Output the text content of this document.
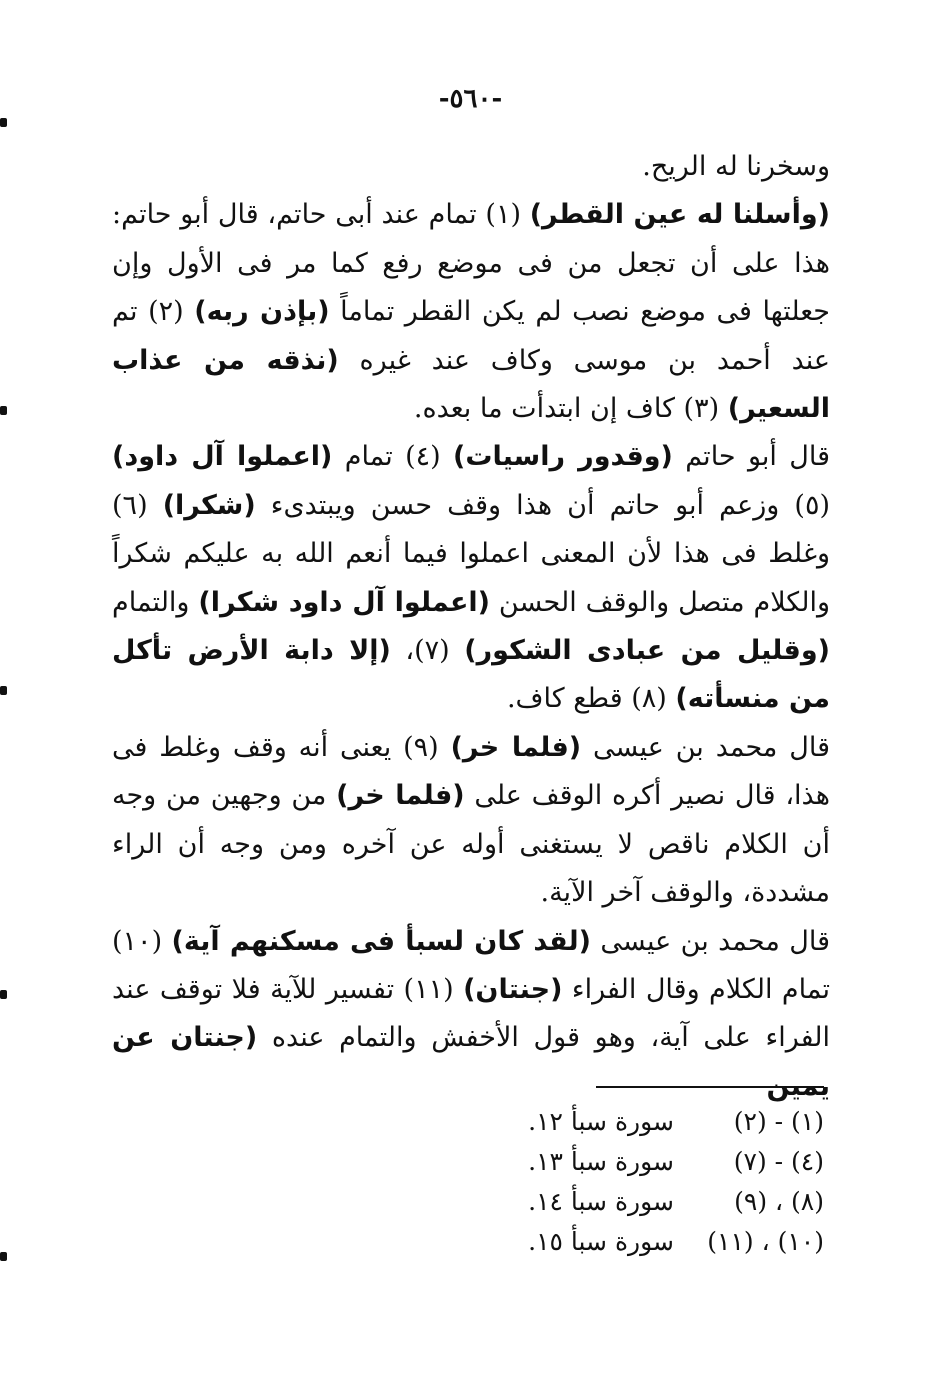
-٥٦٠-

وسخرنا له الريح.

(وأسلنا له عين القطر) (١) تمام عند أبى حاتم، قال أبو حاتم: هذا على أن تجعل من فى موضع رفع كما مر فى الأول وإن جعلتها فى موضع نصب لم يكن القطر تماماً (بإذن ربه) (٢) تم عند أحمد بن موسى وكاف عند غيره (نذقه من عذاب السعير) (٣) كاف إن ابتدأت ما بعده.

قال أبو حاتم (وقدور راسيات) (٤) تمام (اعملوا آل داود) (٥) وزعم أبو حاتم أن هذا وقف حسن ويبتدىء (شكرا) (٦) وغلط فى هذا لأن المعنى اعملوا فيما أنعم الله به عليكم شكراً والكلام متصل والوقف الحسن (اعملوا آل داود شكرا) والتمام (وقليل من عبادى الشكور) (٧)، (إلا دابة الأرض تأكل من منسأته) (٨) قطع كاف.

قال محمد بن عيسى (فلما خر) (٩) يعنى أنه وقف وغلط فى هذا، قال نصير أكره الوقف على (فلما خر) من وجهين من وجه أن الكلام ناقص لا يستغنى أوله عن آخره ومن وجه أن الراء مشددة، والوقف آخر الآية.

قال محمد بن عيسى (لقد كان لسبأ فى مسكنهم آية) (١٠) تمام الكلام وقال الفراء (جنتان) (١١) تفسير للآية فلا توقف عند الفراء على آية، وهو قول الأخفش والتمام عنده (جنتان عن يمين

(١) - (٢)
سورة سبأ ١٢.
(٤) - (٧)
سورة سبأ ١٣.
(٨) ، (٩)
سورة سبأ ١٤.
(١٠) ، (١١)
سورة سبأ ١٥.
